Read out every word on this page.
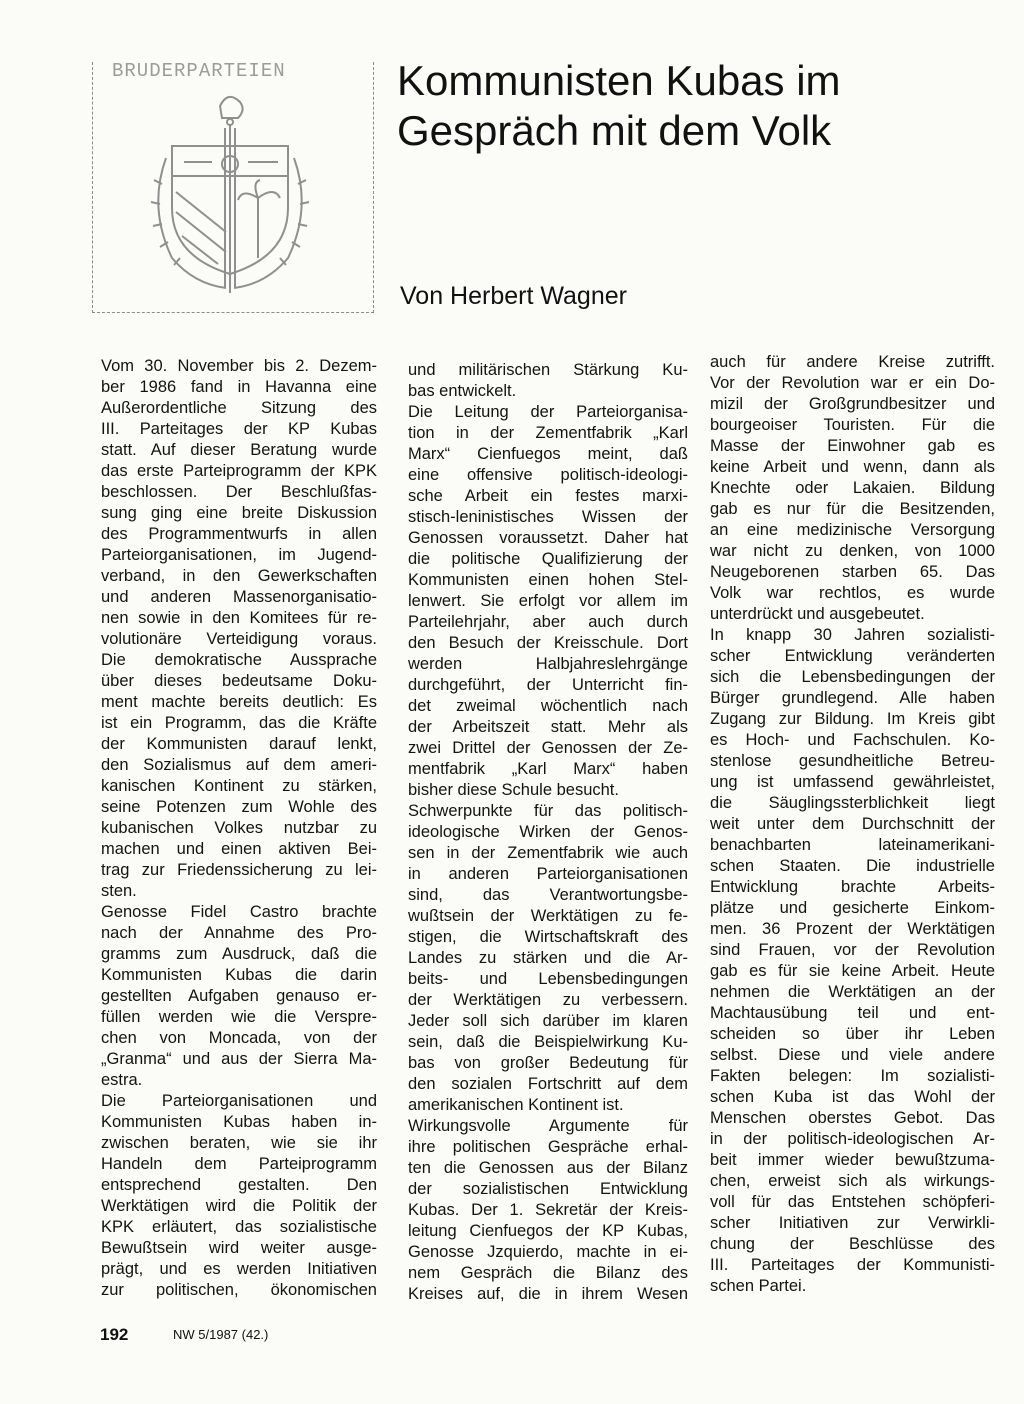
BRUDERPARTEIEN	Kommunisten Kubas im
Gespräch mit dem Volk
Von Herbert Wagner
Vom 30. November bis 2. Dezem-
ber 1986 fand in Havanna eine
Außerordentliche Sitzung des
III. Parteitages der KP Kubas
statt. Auf dieser Beratung wurde
das erste Parteiprogramm der KPK
beschlossen. Der Beschlußfas-
sung ging eine breite Diskussion
des Programmentwurfs in allen
Parteiorganisationen, im Jugend-
verband, in den Gewerkschaften
und anderen Massenorganisatio-
nen sowie in den Komitees für re-
volutionäre Verteidigung voraus.
Die demokratische Aussprache
über dieses bedeutsame Doku-
ment machte bereits deutlich: Es
ist ein Programm, das die Kräfte
der Kommunisten darauf lenkt,
den Sozialismus auf dem ameri-
kanischen Kontinent zu stärken,
seine Potenzen zum Wohle des
kubanischen Volkes nutzbar zu
machen und einen aktiven Bei-
trag zur Friedenssicherung zu lei-
sten.
Genosse Fidel Castro brachte
nach der Annahme des Pro-
gramms zum Ausdruck, daß die
Kommunisten Kubas die darin
gestellten Aufgaben genauso er-
füllen werden wie die Verspre-
chen von Moncada, von der
„Granma“ und aus der Sierra Ma-
estra.
Die Parteiorganisationen und
Kommunisten Kubas haben in-
zwischen beraten, wie sie ihr
Handeln dem Parteiprogramm
entsprechend gestalten. Den
Werktätigen wird die Politik der
KPK erläutert, das sozialistische
Bewußtsein wird weiter ausge-
prägt, und es werden Initiativen
zur politischen, ökonomischen
und militärischen Stärkung Ku-
bas entwickelt.
Die Leitung der Parteiorganisa-
tion in der Zementfabrik „Karl
Marx“ Cienfuegos meint, daß
eine offensive politisch-ideologi-
sche Arbeit ein festes marxi-
stisch-leninistisches Wissen der
Genossen voraussetzt. Daher hat
die politische Qualifizierung der
Kommunisten einen hohen Stel-
lenwert. Sie erfolgt vor allem im
Parteilehrjahr, aber auch durch
den Besuch der Kreisschule. Dort
werden Halbjahreslehrgänge
durchgeführt, der Unterricht fin-
det zweimal wöchentlich nach
der Arbeitszeit statt. Mehr als
zwei Drittel der Genossen der Ze-
mentfabrik „Karl Marx“ haben
bisher diese Schule besucht.
Schwerpunkte für das politisch-
ideologische Wirken der Genos-
sen in der Zementfabrik wie auch
in anderen Parteiorganisationen
sind, das Verantwortungsbe-
wußtsein der Werktätigen zu fe-
stigen, die Wirtschaftskraft des
Landes zu stärken und die Ar-
beits- und Lebensbedingungen
der Werktätigen zu verbessern.
Jeder soll sich darüber im klaren
sein, daß die Beispielwirkung Ku-
bas von großer Bedeutung für
den sozialen Fortschritt auf dem
amerikanischen Kontinent ist.
Wirkungsvolle Argumente für
ihre politischen Gespräche erhal-
ten die Genossen aus der Bilanz
der sozialistischen Entwicklung
Kubas. Der 1. Sekretär der Kreis-
leitung Cienfuegos der KP Kubas,
Genosse Jzquierdo, machte in ei-
nem Gespräch die Bilanz des
Kreises auf, die in ihrem Wesen
auch für andere Kreise zutrifft.
Vor der Revolution war er ein Do-
mizil der Großgrundbesitzer und
bourgeoiser Touristen. Für die
Masse der Einwohner gab es
keine Arbeit und wenn, dann als
Knechte oder Lakaien. Bildung
gab es nur für die Besitzenden,
an eine medizinische Versorgung
war nicht zu denken, von 1000
Neugeborenen starben 65. Das
Volk war rechtlos, es wurde
unterdrückt und ausgebeutet.
In knapp 30 Jahren sozialisti-
scher Entwicklung veränderten
sich die Lebensbedingungen der
Bürger grundlegend. Alle haben
Zugang zur Bildung. Im Kreis gibt
es Hoch- und Fachschulen. Ko-
stenlose gesundheitliche Betreu-
ung ist umfassend gewährleistet,
die Säuglingssterblichkeit liegt
weit unter dem Durchschnitt der
benachbarten lateinamerikani-
schen Staaten. Die industrielle
Entwicklung brachte Arbeits-
plätze und gesicherte Einkom-
men. 36 Prozent der Werktätigen
sind Frauen, vor der Revolution
gab es für sie keine Arbeit. Heute
nehmen die Werktätigen an der
Machtausübung teil und ent-
scheiden so über ihr Leben
selbst. Diese und viele andere
Fakten belegen: Im sozialisti-
schen Kuba ist das Wohl der
Menschen oberstes Gebot. Das
in der politisch-ideologischen Ar-
beit immer wieder bewußtzuma-
chen, erweist sich als wirkungs-
voll für das Entstehen schöpferi-
scher Initiativen zur Verwirkli-
chung der Beschlüsse des
III. Parteitages der Kommunisti-
schen Partei.
192	NW 5/1987 (42.)
